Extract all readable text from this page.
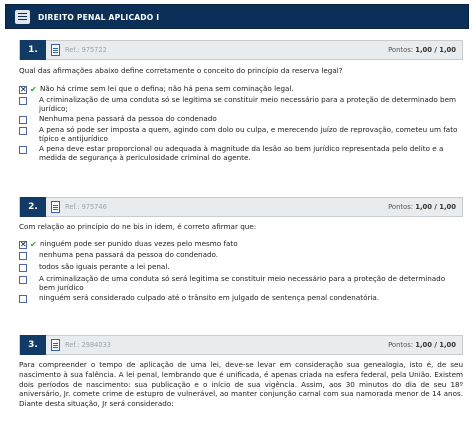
DIREITO PENAL APLICADO I
1.	Ref.: 975722	Pontos: 1,00 / 1,00
Qual das afirmações abaixo define corretamente o conceito do princípio da reserva legal?
✕
✔ Não há crime sem lei que o defina; não há pena sem cominação legal.
A criminalização de uma conduta só se legitima se constituir meio necessário para a proteção de determinado bem jurídico;
Nenhuma pena passará da pessoa do condenado
A pena só pode ser imposta a quem, agindo com dolo ou culpa, e merecendo juízo de reprovação, cometeu um fato típico e antijurídico
A pena deve estar proporcional ou adequada à magnitude da lesão ao bem jurídico representada pelo delito e a medida de segurança à periculosidade criminal do agente.
2.	Ref.: 975746	Pontos: 1,00 / 1,00
Com relação ao princípio do ne bis in idem, é correto afirmar que:
✕
✔ ninguém pode ser punido duas vezes pelo mesmo fato
nenhuma pena passará da pessoa do condenado.
todos são iguais perante a lei penal.
A criminalização de uma conduta só será legitima se constituir meio necessário para a proteção de determinado bem jurídico
ninguém será considerado culpado até o trânsito em julgado de sentença penal condenatória.
3.	Ref.: 2984033	Pontos: 1,00 / 1,00
Para compreender o tempo de aplicação de uma lei, deve-se levar em consideração sua genealogia, isto é, de seu nascimento à sua falência. A lei penal, lembrando que é unificada, é apenas criada na esfera federal, pela União. Existem dois períodos de nascimento: sua publicação e o início de sua vigência. Assim, aos 30 minutos do dia de seu 18º aniversário, Jr. comete crime de estupro de vulnerável, ao manter conjunção carnal com sua namorada menor de 14 anos. Diante desta situação, Jr será considerado:
